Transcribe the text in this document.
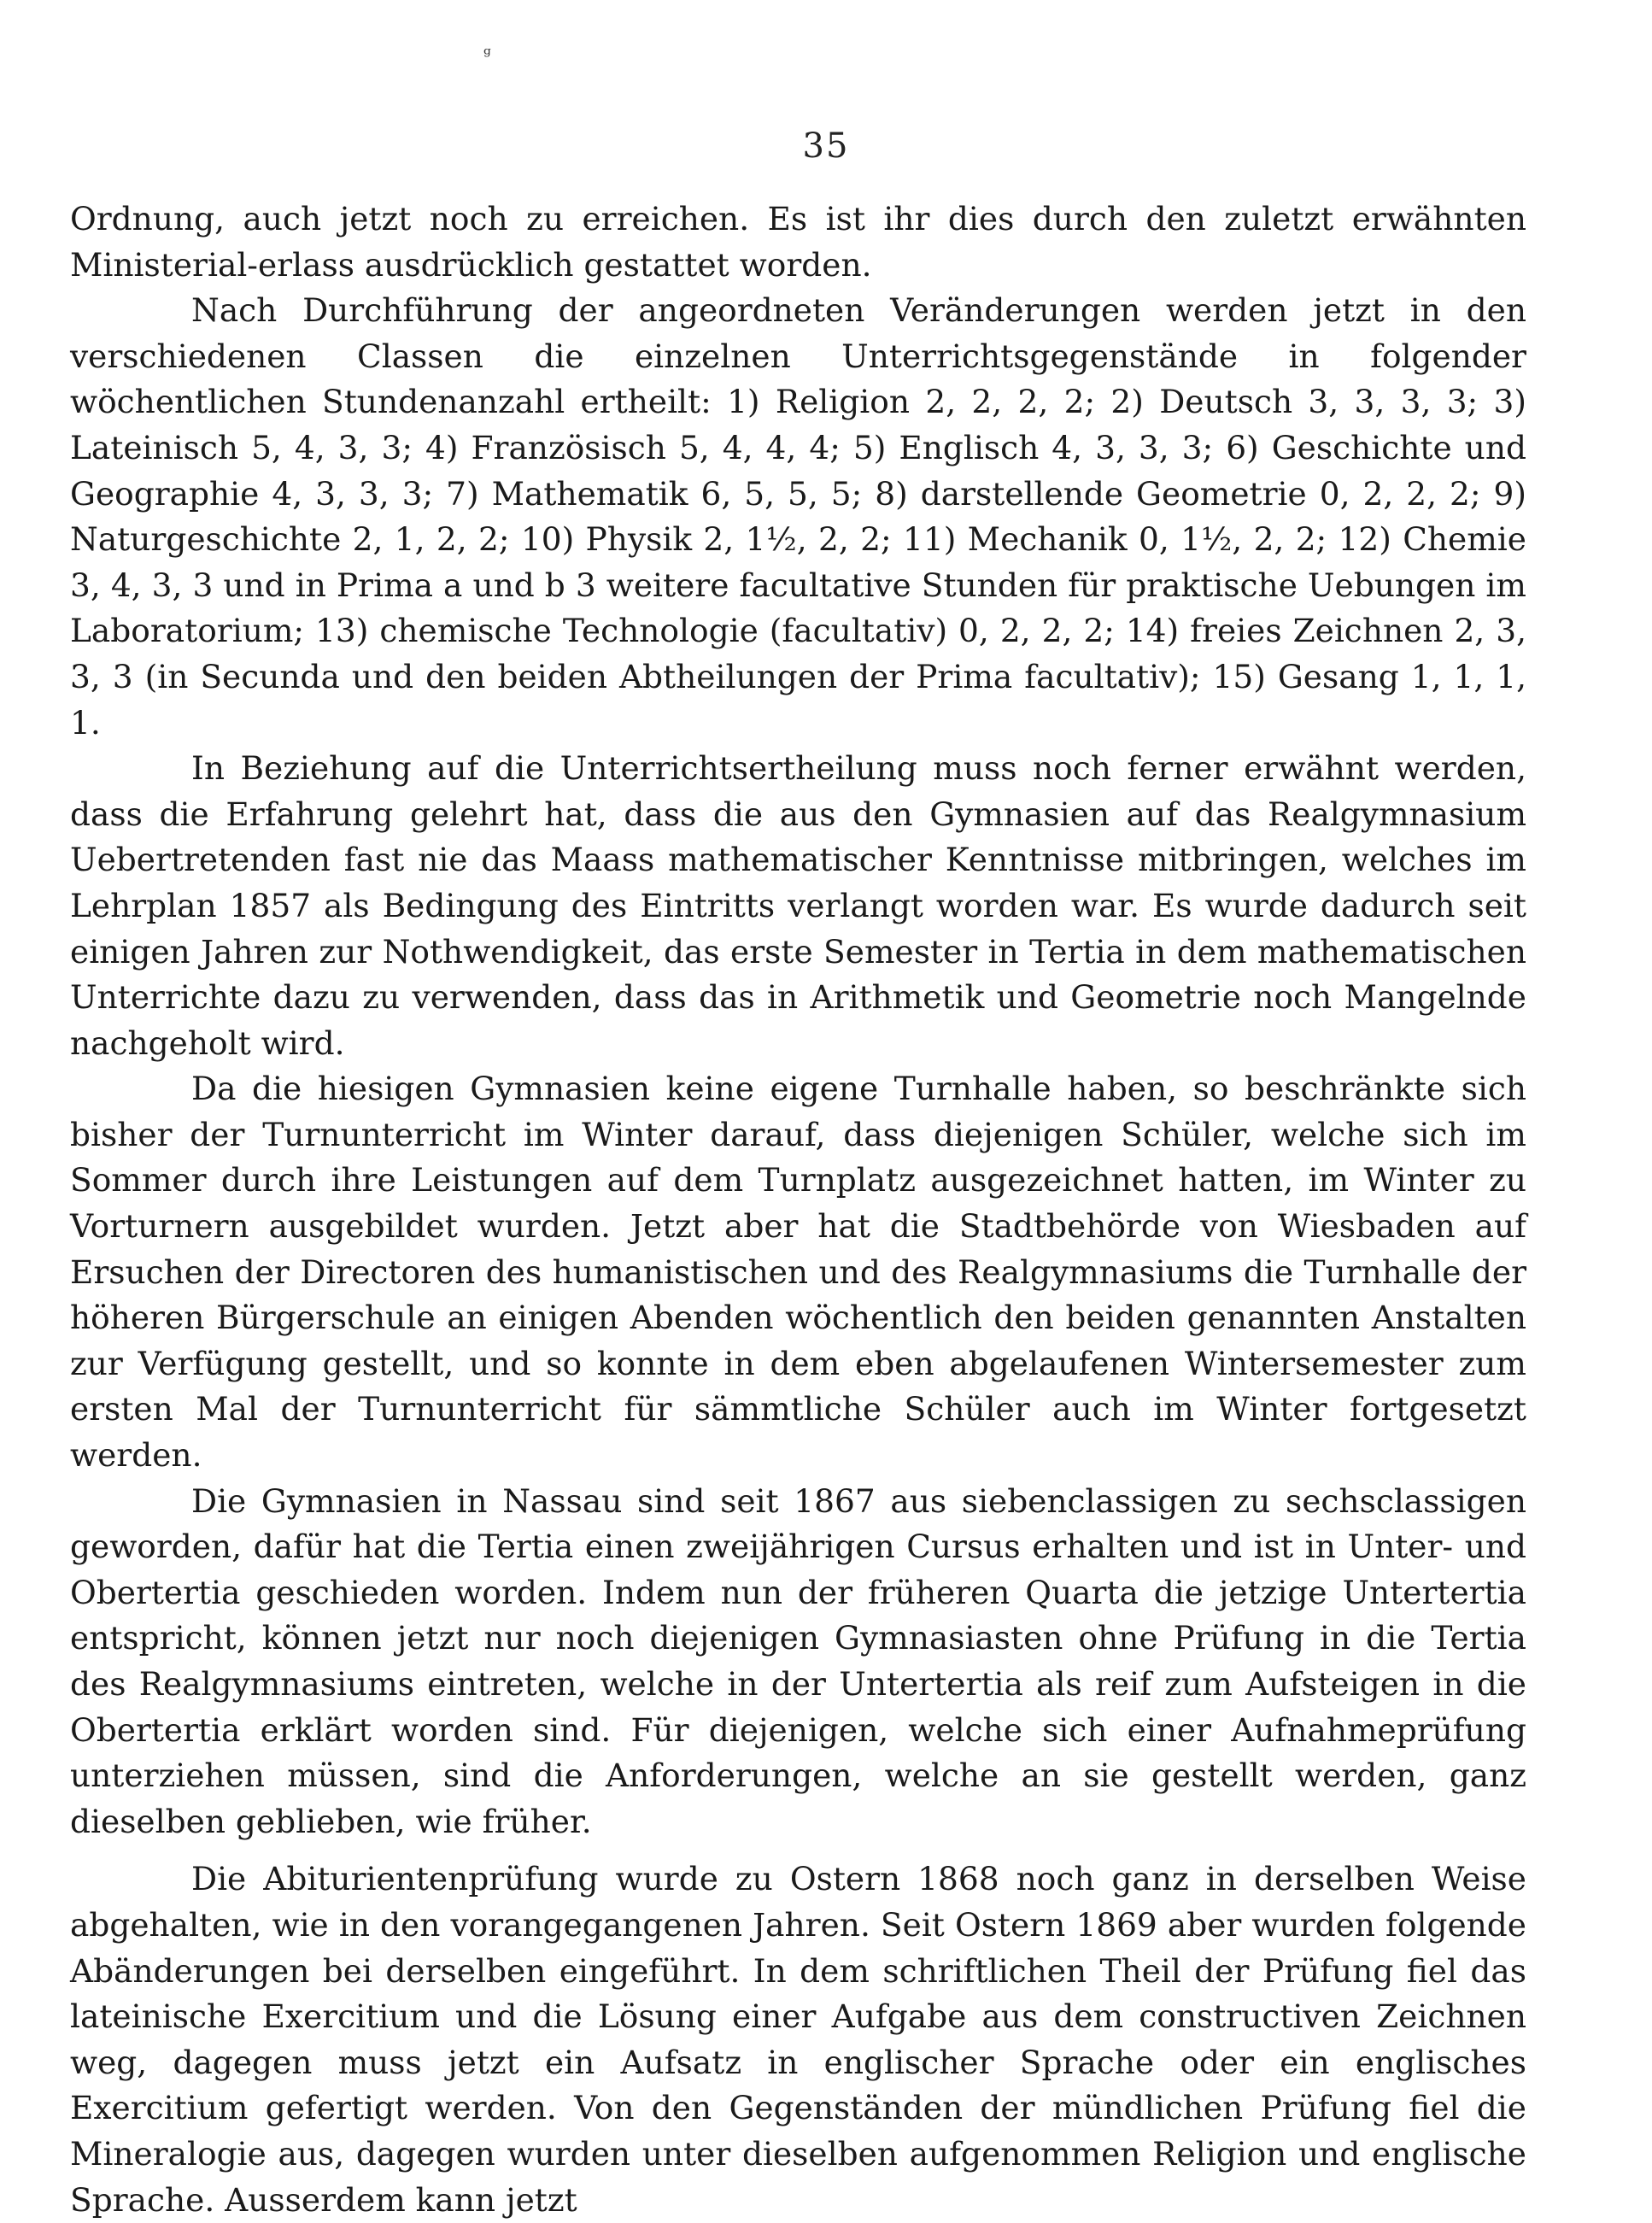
ᵍ
35

Ordnung, auch jetzt noch zu erreichen. Es ist ihr dies durch den zuletzt erwähnten Ministerial-erlass ausdrücklich gestattet worden.

Nach Durchführung der angeordneten Veränderungen werden jetzt in den verschiedenen Classen die einzelnen Unterrichtsgegenstände in folgender wöchentlichen Stundenanzahl ertheilt: 1) Religion 2, 2, 2, 2; 2) Deutsch 3, 3, 3, 3; 3) Lateinisch 5, 4, 3, 3; 4) Französisch 5, 4, 4, 4; 5) Englisch 4, 3, 3, 3; 6) Geschichte und Geographie 4, 3, 3, 3; 7) Mathematik 6, 5, 5, 5; 8) darstellende Geometrie 0, 2, 2, 2; 9) Naturgeschichte 2, 1, 2, 2; 10) Physik 2, 1½, 2, 2; 11) Mechanik 0, 1½, 2, 2; 12) Chemie 3, 4, 3, 3 und in Prima a und b 3 weitere facultative Stunden für praktische Uebungen im Laboratorium; 13) chemische Technologie (facultativ) 0, 2, 2, 2; 14) freies Zeichnen 2, 3, 3, 3 (in Secunda und den beiden Abtheilungen der Prima facultativ); 15) Gesang 1, 1, 1, 1.

In Beziehung auf die Unterrichtsertheilung muss noch ferner erwähnt werden, dass die Erfahrung gelehrt hat, dass die aus den Gymnasien auf das Realgymnasium Uebertretenden fast nie das Maass mathematischer Kenntnisse mitbringen, welches im Lehrplan 1857 als Bedingung des Eintritts verlangt worden war. Es wurde dadurch seit einigen Jahren zur Nothwendigkeit, das erste Semester in Tertia in dem mathematischen Unterrichte dazu zu verwenden, dass das in Arithmetik und Geometrie noch Mangelnde nachgeholt wird.

Da die hiesigen Gymnasien keine eigene Turnhalle haben, so beschränkte sich bisher der Turnunterricht im Winter darauf, dass diejenigen Schüler, welche sich im Sommer durch ihre Leistungen auf dem Turnplatz ausgezeichnet hatten, im Winter zu Vorturnern ausgebildet wurden. Jetzt aber hat die Stadtbehörde von Wiesbaden auf Ersuchen der Directoren des humanistischen und des Realgymnasiums die Turnhalle der höheren Bürgerschule an einigen Abenden wöchentlich den beiden genannten Anstalten zur Verfügung gestellt, und so konnte in dem eben abgelaufenen Wintersemester zum ersten Mal der Turnunterricht für sämmtliche Schüler auch im Winter fortgesetzt werden.

Die Gymnasien in Nassau sind seit 1867 aus siebenclassigen zu sechsclassigen geworden, dafür hat die Tertia einen zweijährigen Cursus erhalten und ist in Unter- und Obertertia geschieden worden. Indem nun der früheren Quarta die jetzige Untertertia entspricht, können jetzt nur noch diejenigen Gymnasiasten ohne Prüfung in die Tertia des Realgymnasiums eintreten, welche in der Untertertia als reif zum Aufsteigen in die Obertertia erklärt worden sind. Für diejenigen, welche sich einer Aufnahmeprüfung unterziehen müssen, sind die Anforderungen, welche an sie gestellt werden, ganz dieselben geblieben, wie früher.

Die Abiturientenprüfung wurde zu Ostern 1868 noch ganz in derselben Weise abgehalten, wie in den vorangegangenen Jahren. Seit Ostern 1869 aber wurden folgende Abänderungen bei derselben eingeführt. In dem schriftlichen Theil der Prüfung fiel das lateinische Exercitium und die Lösung einer Aufgabe aus dem constructiven Zeichnen weg, dagegen muss jetzt ein Aufsatz in englischer Sprache oder ein englisches Exercitium gefertigt werden. Von den Gegenständen der mündlichen Prüfung fiel die Mineralogie aus, dagegen wurden unter dieselben aufgenommen Religion und englische Sprache. Ausserdem kann jetzt
